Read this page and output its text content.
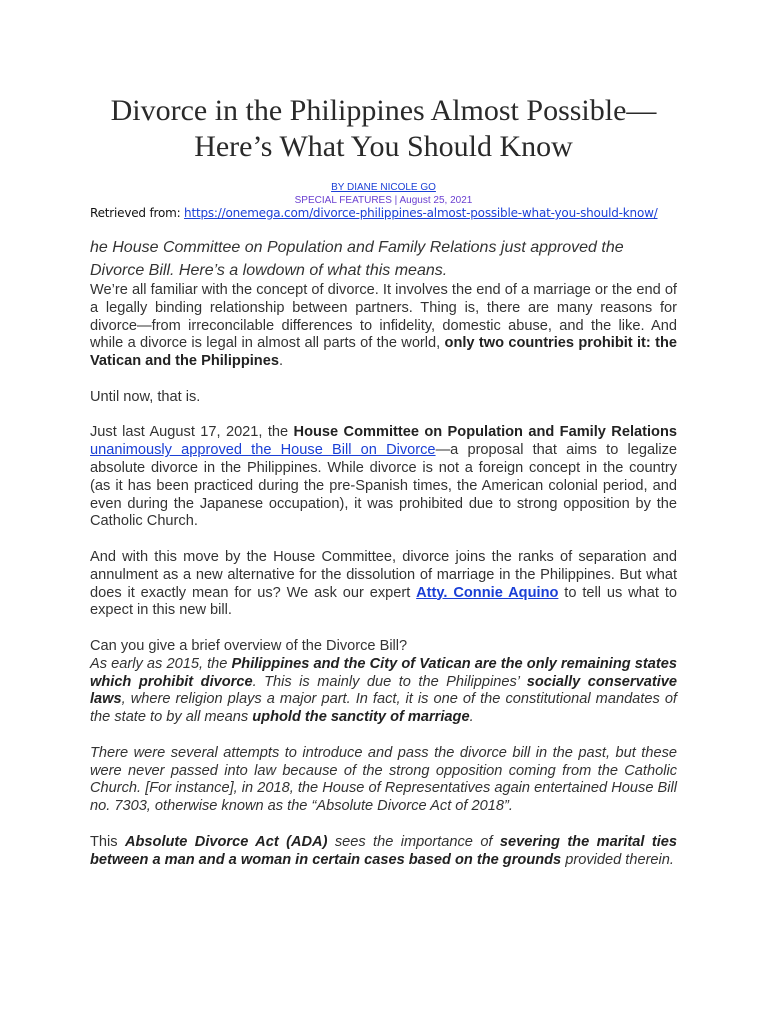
Divorce in the Philippines Almost Possible—
Here’s What You Should Know
BY DIANE NICOLE GO
SPECIAL FEATURES | August 25, 2021
Retrieved from: https://onemega.com/divorce-philippines-almost-possible-what-you-should-know/
he House Committee on Population and Family Relations just approved the Divorce Bill. Here’s a lowdown of what this means.

We’re all familiar with the concept of divorce. It involves the end of a marriage or the end of a legally binding relationship between partners. Thing is, there are many reasons for divorce—from irreconcilable differences to infidelity, domestic abuse, and the like. And while a divorce is legal in almost all parts of the world, only two countries prohibit it: the Vatican and the Philippines.

Until now, that is.

Just last August 17, 2021, the House Committee on Population and Family Relations unanimously approved the House Bill on Divorce—a proposal that aims to legalize absolute divorce in the Philippines. While divorce is not a foreign concept in the country (as it has been practiced during the pre-Spanish times, the American colonial period, and even during the Japanese occupation), it was prohibited due to strong opposition by the Catholic Church.

And with this move by the House Committee, divorce joins the ranks of separation and annulment as a new alternative for the dissolution of marriage in the Philippines. But what does it exactly mean for us? We ask our expert Atty. Connie Aquino to tell us what to expect in this new bill.

Can you give a brief overview of the Divorce Bill?

As early as 2015, the Philippines and the City of Vatican are the only remaining states which prohibit divorce. This is mainly due to the Philippines’ socially conservative laws, where religion plays a major part. In fact, it is one of the constitutional mandates of the state to by all means uphold the sanctity of marriage.

There were several attempts to introduce and pass the divorce bill in the past, but these were never passed into law because of the strong opposition coming from the Catholic Church. [For instance], in 2018, the House of Representatives again entertained House Bill no. 7303, otherwise known as the “Absolute Divorce Act of 2018”.

This Absolute Divorce Act (ADA) sees the importance of severing the marital ties between a man and a woman in certain cases based on the grounds provided therein.
